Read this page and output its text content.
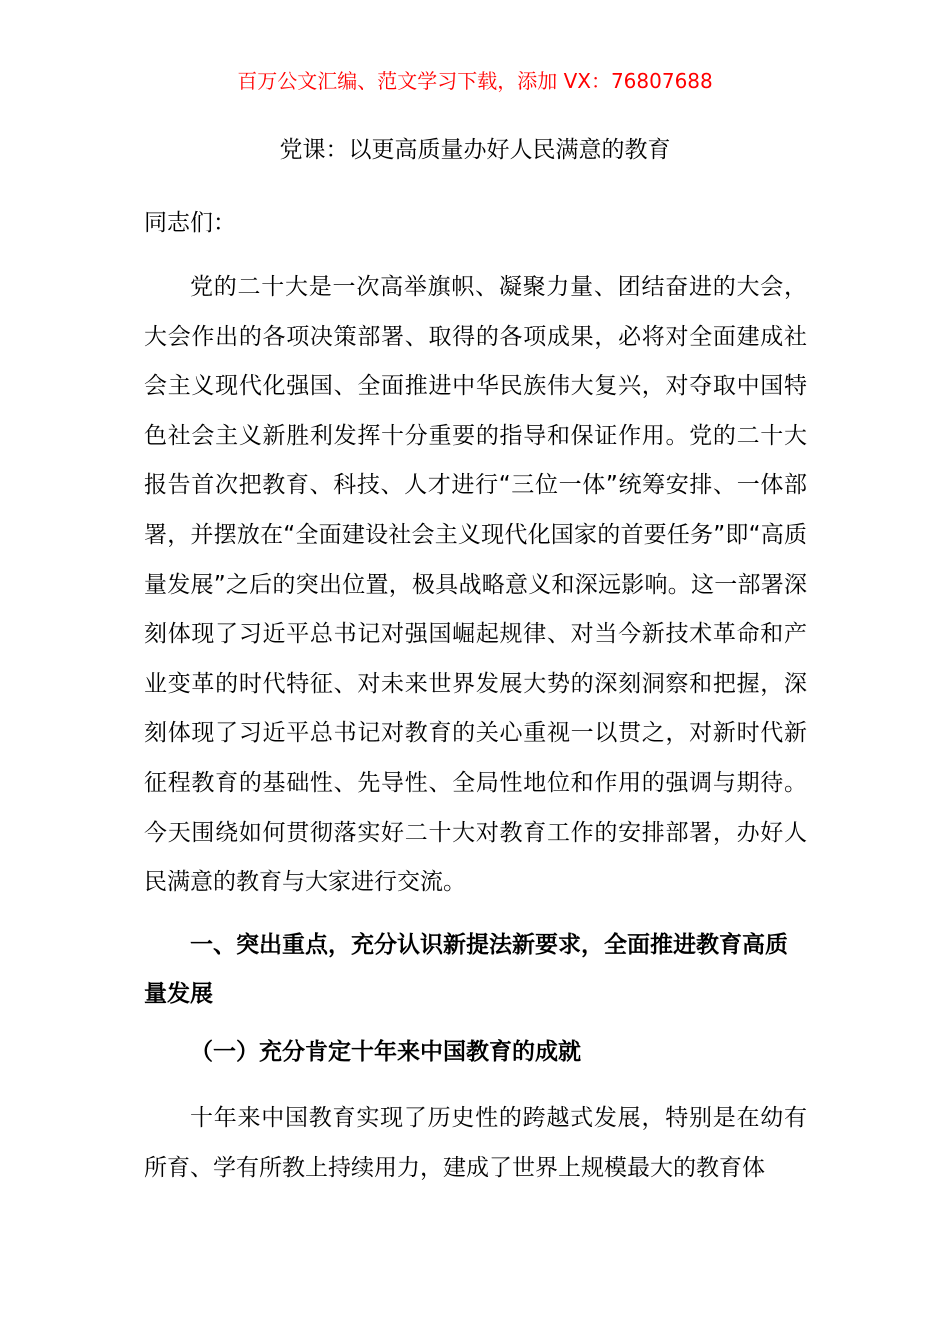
百万公文汇编、范文学习下载，添加 VX：76807688
党课：以更高质量办好人民满意的教育
同志们：

党的二十大是一次高举旗帜、凝聚力量、团结奋进的大会，大会作出的各项决策部署、取得的各项成果，必将对全面建成社会主义现代化强国、全面推进中华民族伟大复兴，对夺取中国特色社会主义新胜利发挥十分重要的指导和保证作用。党的二十大报告首次把教育、科技、人才进行“三位一体”统筹安排、一体部署，并摆放在“全面建设社会主义现代化国家的首要任务”即“高质量发展”之后的突出位置，极具战略意义和深远影响。这一部署深刻体现了习近平总书记对强国崛起规律、对当今新技术革命和产业变革的时代特征、对未来世界发展大势的深刻洞察和把握，深刻体现了习近平总书记对教育的关心重视一以贯之，对新时代新征程教育的基础性、先导性、全局性地位和作用的强调与期待。今天围绕如何贯彻落实好二十大对教育工作的安排部署，办好人民满意的教育与大家进行交流。

一、突出重点，充分认识新提法新要求，全面推进教育高质量发展

（一）充分肯定十年来中国教育的成就

十年来中国教育实现了历史性的跨越式发展，特别是在幼有所育、学有所教上持续用力，建成了世界上规模最大的教育体
